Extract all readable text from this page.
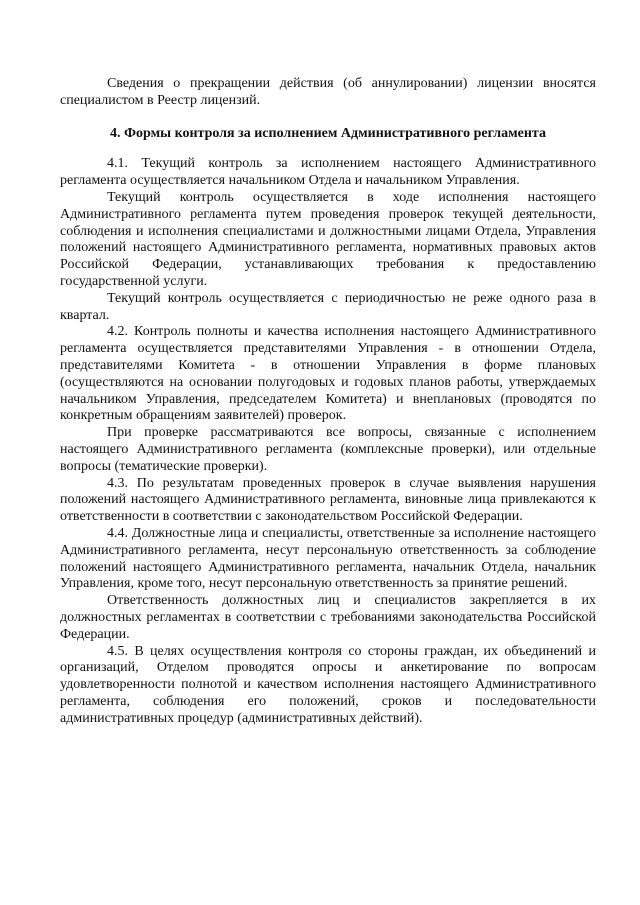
Сведения о прекращении действия (об аннулировании) лицензии вносятся специалистом в Реестр лицензий.

4. Формы контроля за исполнением Административного регламента

4.1. Текущий контроль за исполнением настоящего Административного регламента осуществляется начальником Отдела и начальником Управления.

Текущий контроль осуществляется в ходе исполнения настоящего Административного регламента путем проведения проверок текущей деятельности, соблюдения и исполнения специалистами и должностными лицами Отдела, Управления положений настоящего Административного регламента, нормативных правовых актов Российской Федерации, устанавливающих требования к предоставлению государственной услуги.

Текущий контроль осуществляется с периодичностью не реже одного раза в квартал.

4.2. Контроль полноты и качества исполнения настоящего Административного регламента осуществляется представителями Управления - в отношении Отдела, представителями Комитета - в отношении Управления в форме плановых (осуществляются на основании полугодовых и годовых планов работы, утверждаемых начальником Управления, председателем Комитета) и внеплановых (проводятся по конкретным обращениям заявителей) проверок.

При проверке рассматриваются все вопросы, связанные с исполнением настоящего Административного регламента (комплексные проверки), или отдельные вопросы (тематические проверки).

4.3. По результатам проведенных проверок в случае выявления нарушения положений настоящего Административного регламента, виновные лица привлекаются к ответственности в соответствии с законодательством Российской Федерации.

4.4. Должностные лица и специалисты, ответственные за исполнение настоящего Административного регламента, несут персональную ответственность за соблюдение положений настоящего Административного регламента, начальник Отдела, начальник Управления, кроме того, несут персональную ответственность за принятие решений.

Ответственность должностных лиц и специалистов закрепляется в их должностных регламентах в соответствии с требованиями законодательства Российской Федерации.

4.5. В целях осуществления контроля со стороны граждан, их объединений и организаций, Отделом проводятся опросы и анкетирование по вопросам удовлетворенности полнотой и качеством исполнения настоящего Административного регламента, соблюдения его положений, сроков и последовательности административных процедур (административных действий).
